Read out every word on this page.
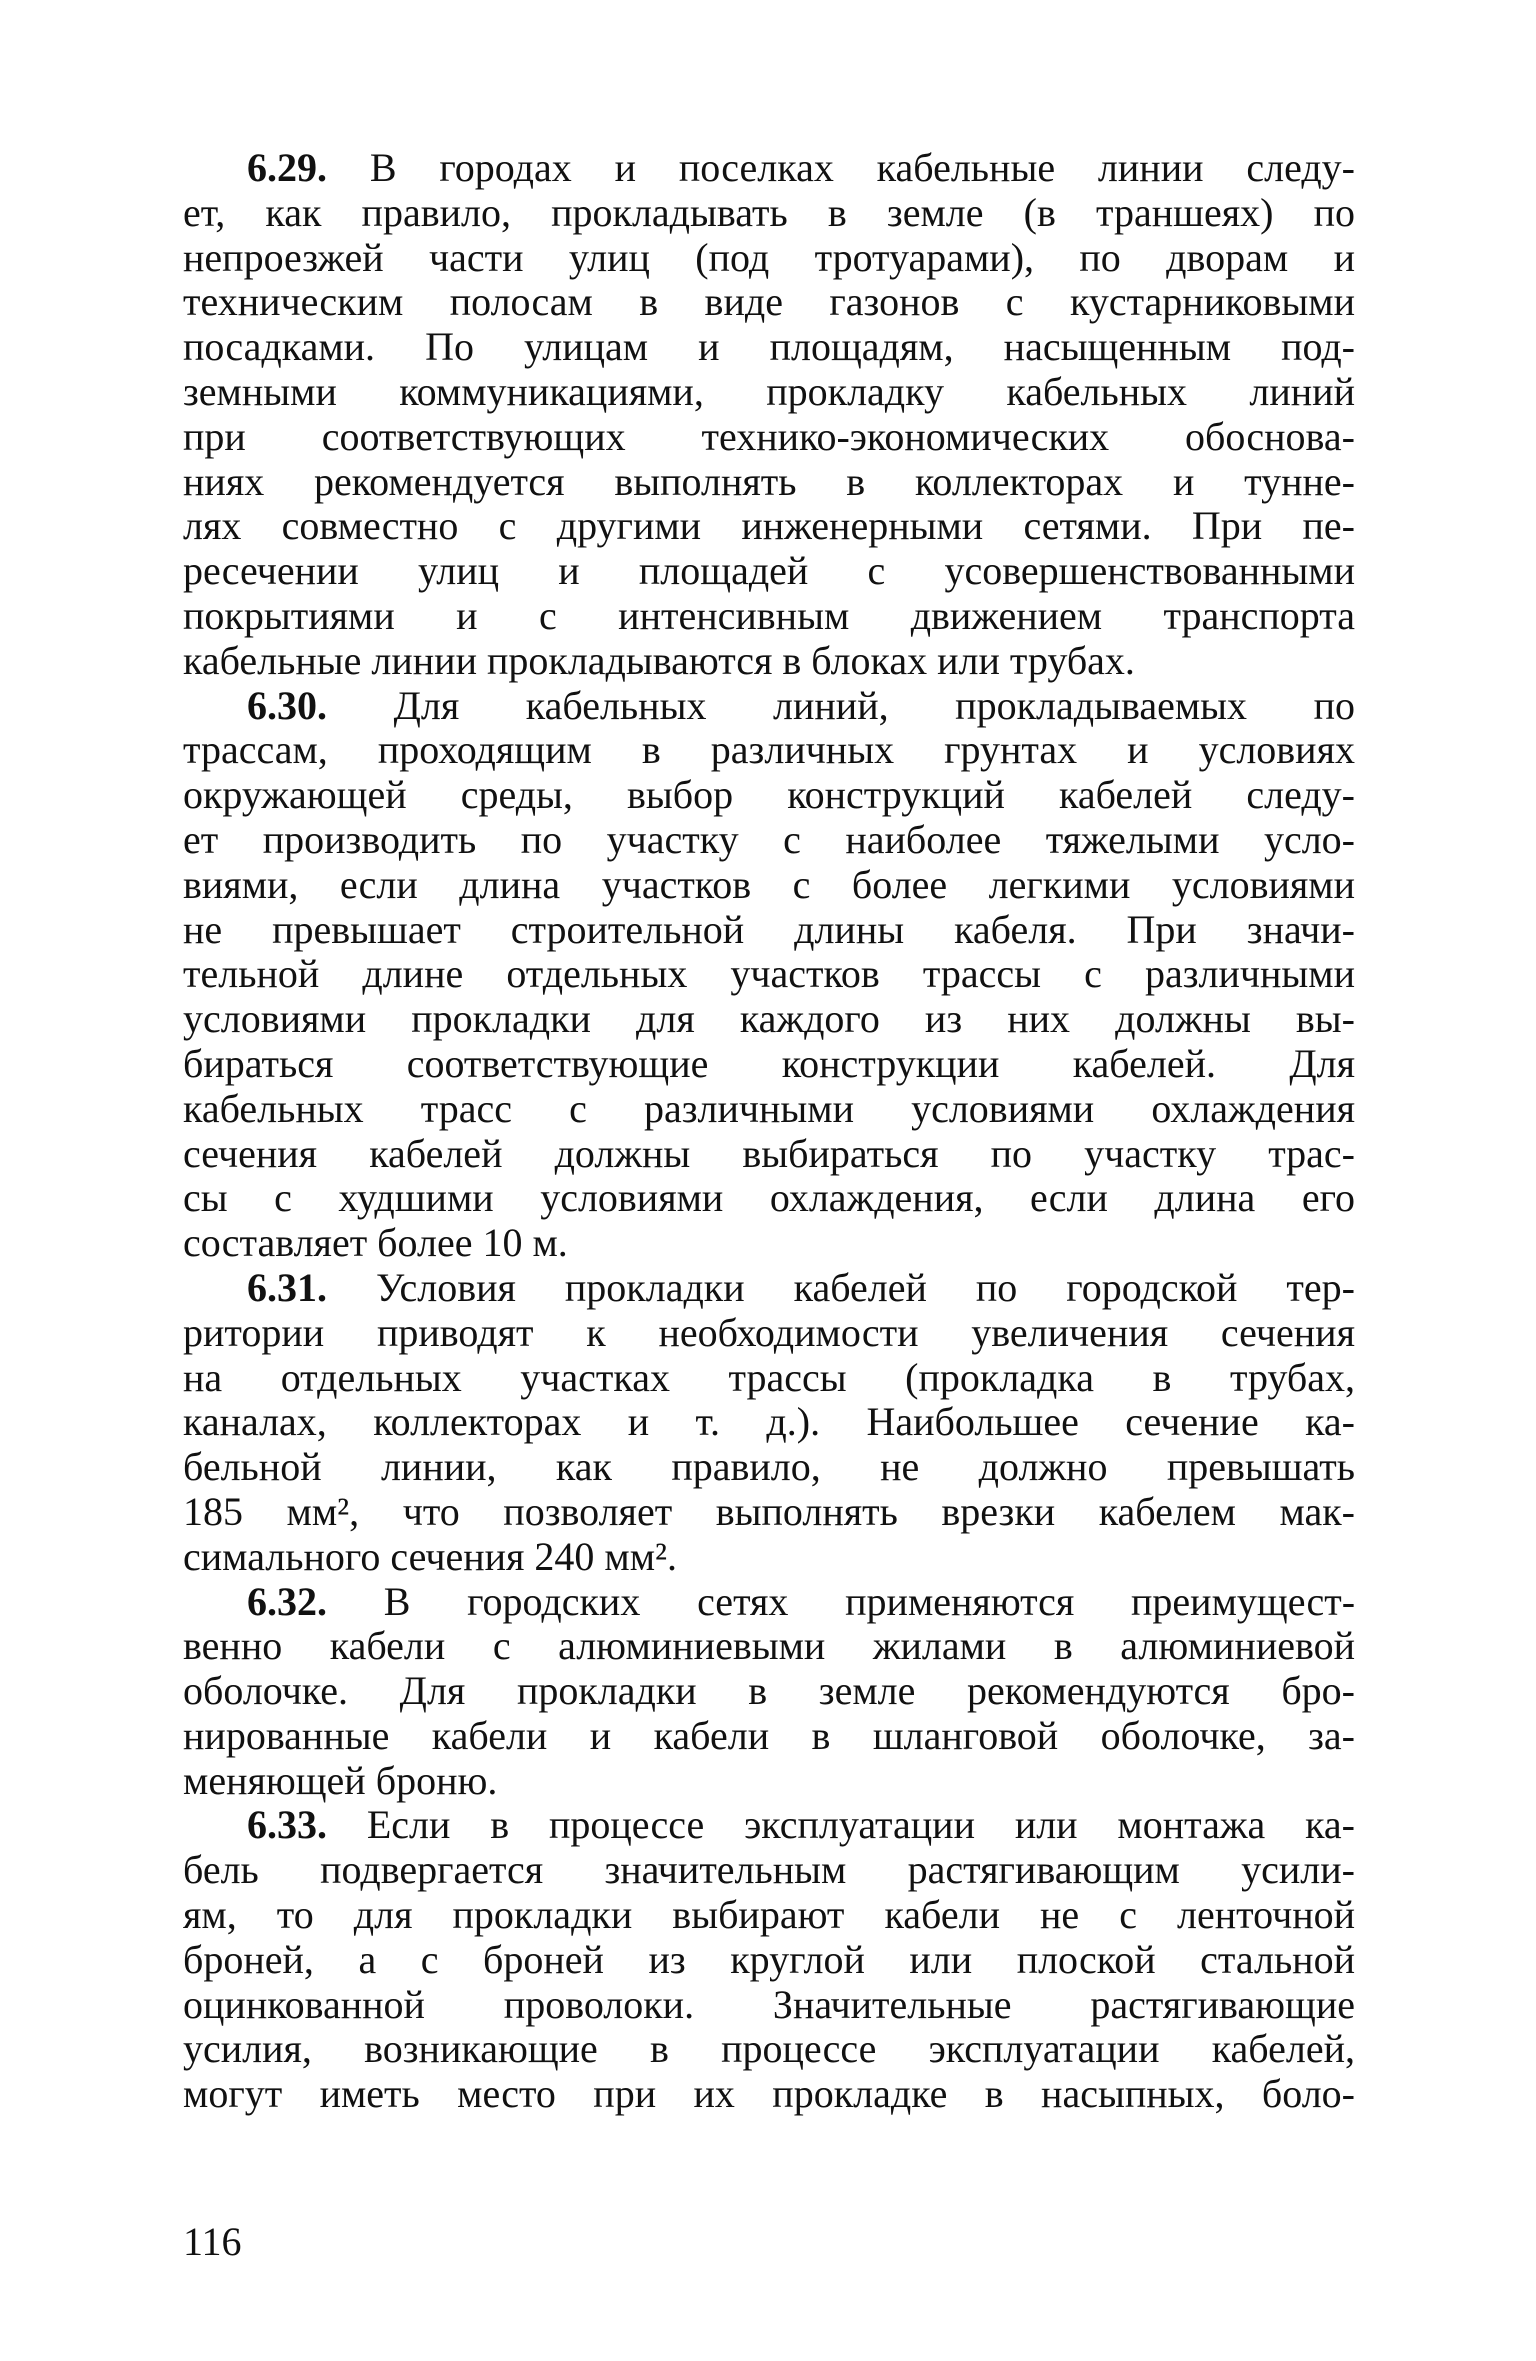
6.29. В городах и поселках кабельные линии следу-
ет, как правило, прокладывать в земле (в траншеях) по
непроезжей части улиц (под тротуарами), по дворам и
техническим полосам в виде газонов с кустарниковыми
посадками. По улицам и площадям, насыщенным под-
земными коммуникациями, прокладку кабельных линий
при соответствующих технико-экономических обоснова-
ниях рекомендуется выполнять в коллекторах и тунне-
лях совместно с другими инженерными сетями. При пе-
ресечении улиц и площадей с усовершенствованными
покрытиями и с интенсивным движением транспорта
кабельные линии прокладываются в блоках или трубах.
6.30. Для кабельных линий, прокладываемых по
трассам, проходящим в различных грунтах и условиях
окружающей среды, выбор конструкций кабелей следу-
ет производить по участку с наиболее тяжелыми усло-
виями, если длина участков с более легкими условиями
не превышает строительной длины кабеля. При значи-
тельной длине отдельных участков трассы с различными
условиями прокладки для каждого из них должны вы-
бираться соответствующие конструкции кабелей. Для
кабельных трасс с различными условиями охлаждения
сечения кабелей должны выбираться по участку трас-
сы с худшими условиями охлаждения, если длина его
составляет более 10 м.
6.31. Условия прокладки кабелей по городской тер-
ритории приводят к необходимости увеличения сечения
на отдельных участках трассы (прокладка в трубах,
каналах, коллекторах и т. д.). Наибольшее сечение ка-
бельной линии, как правило, не должно превышать
185 мм², что позволяет выполнять врезки кабелем мак-
симального сечения 240 мм².
6.32. В городских сетях применяются преимущест-
венно кабели с алюминиевыми жилами в алюминиевой
оболочке. Для прокладки в земле рекомендуются бро-
нированные кабели и кабели в шланговой оболочке, за-
меняющей броню.
6.33. Если в процессе эксплуатации или монтажа ка-
бель подвергается значительным растягивающим усили-
ям, то для прокладки выбирают кабели не с ленточной
броней, а с броней из круглой или плоской стальной
оцинкованной проволоки. Значительные растягивающие
усилия, возникающие в процессе эксплуатации кабелей,
могут иметь место при их прокладке в насыпных, боло-
116
